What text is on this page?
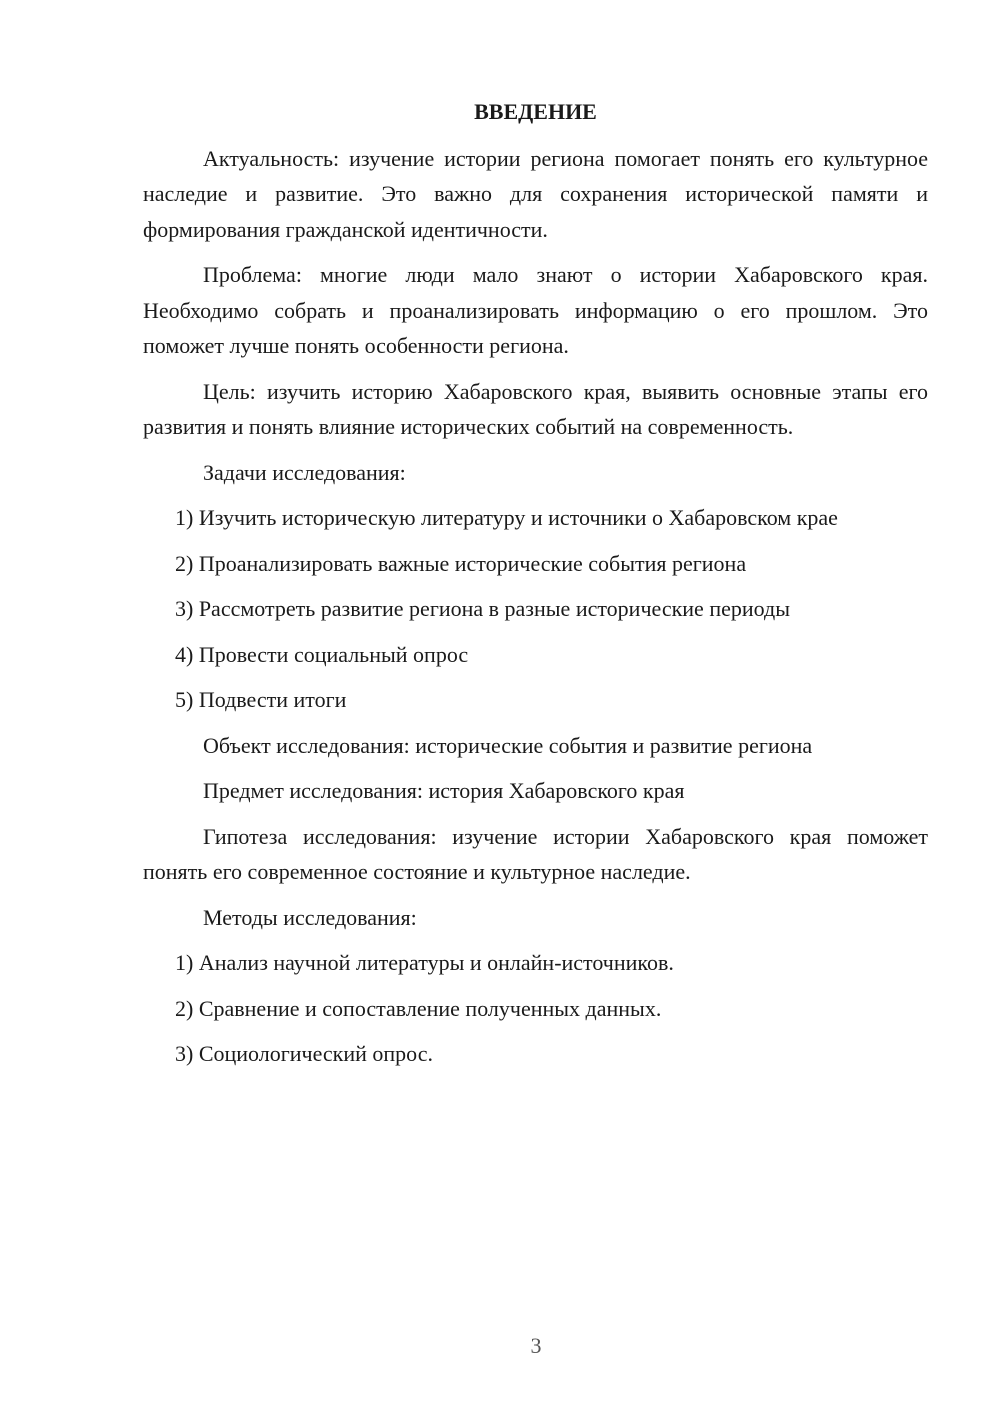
ВВЕДЕНИЕ

Актуальность: изучение истории региона помогает понять его культурное наследие и развитие. Это важно для сохранения исторической памяти и формирования гражданской идентичности.

Проблема: многие люди мало знают о истории Хабаровского края. Необходимо собрать и проанализировать информацию о его прошлом. Это поможет лучше понять особенности региона.

Цель: изучить историю Хабаровского края, выявить основные этапы его развития и понять влияние исторических событий на современность.

Задачи исследования:

1) Изучить историческую литературу и источники о Хабаровском крае

2) Проанализировать важные исторические события региона

3) Рассмотреть развитие региона в разные исторические периоды

4) Провести социальный опрос

5) Подвести итоги

Объект исследования: исторические события и развитие региона

Предмет исследования: история Хабаровского края

Гипотеза исследования: изучение истории Хабаровского края поможет понять его современное состояние и культурное наследие.

Методы исследования:

1) Анализ научной литературы и онлайн-источников.

2) Сравнение и сопоставление полученных данных.

3) Социологический опрос.

3
